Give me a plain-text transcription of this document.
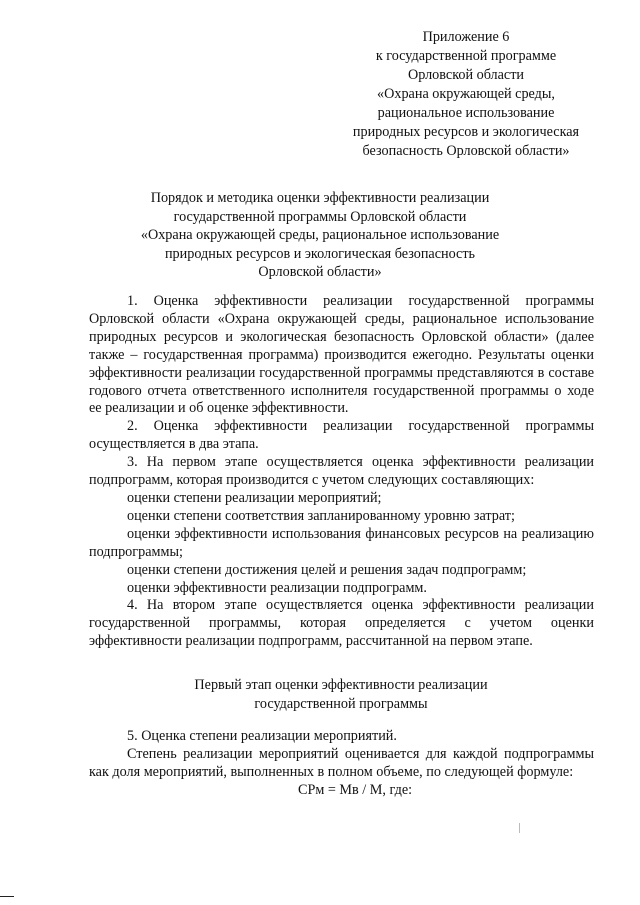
Приложение 6
к государственной программе
Орловской области
«Охрана окружающей среды,
рациональное использование
природных ресурсов и экологическая
безопасность Орловской области»
Порядок и методика оценки эффективности реализации
государственной программы Орловской области
«Охрана окружающей среды, рациональное использование
природных ресурсов и экологическая безопасность
Орловской области»

1. Оценка эффективности реализации государственной программы Орловской области «Охрана окружающей среды, рациональное использование природных ресурсов и экологическая безопасность Орловской области» (далее также – государственная программа) производится ежегодно. Результаты оценки эффективности реализации государственной программы представляются в составе годового отчета ответственного исполнителя государственной программы о ходе ее реализации и об оценке эффективности.

2. Оценка эффективности реализации государственной программы осуществляется в два этапа.

3. На первом этапе осуществляется оценка эффективности реализации подпрограмм, которая производится с учетом следующих составляющих:

оценки степени реализации мероприятий;

оценки степени соответствия запланированному уровню затрат;

оценки эффективности использования финансовых ресурсов на реализацию подпрограммы;

оценки степени достижения целей и решения задач подпрограмм;

оценки эффективности реализации подпрограмм.

4. На втором этапе осуществляется оценка эффективности реализации государственной программы, которая определяется с учетом оценки эффективности реализации подпрограмм, рассчитанной на первом этапе.

Первый этап оценки эффективности реализации
государственной программы

5. Оценка степени реализации мероприятий.

Степень реализации мероприятий оценивается для каждой подпрограммы как доля мероприятий, выполненных в полном объеме, по следующей формуле:

СРм = Мв / М, где:
